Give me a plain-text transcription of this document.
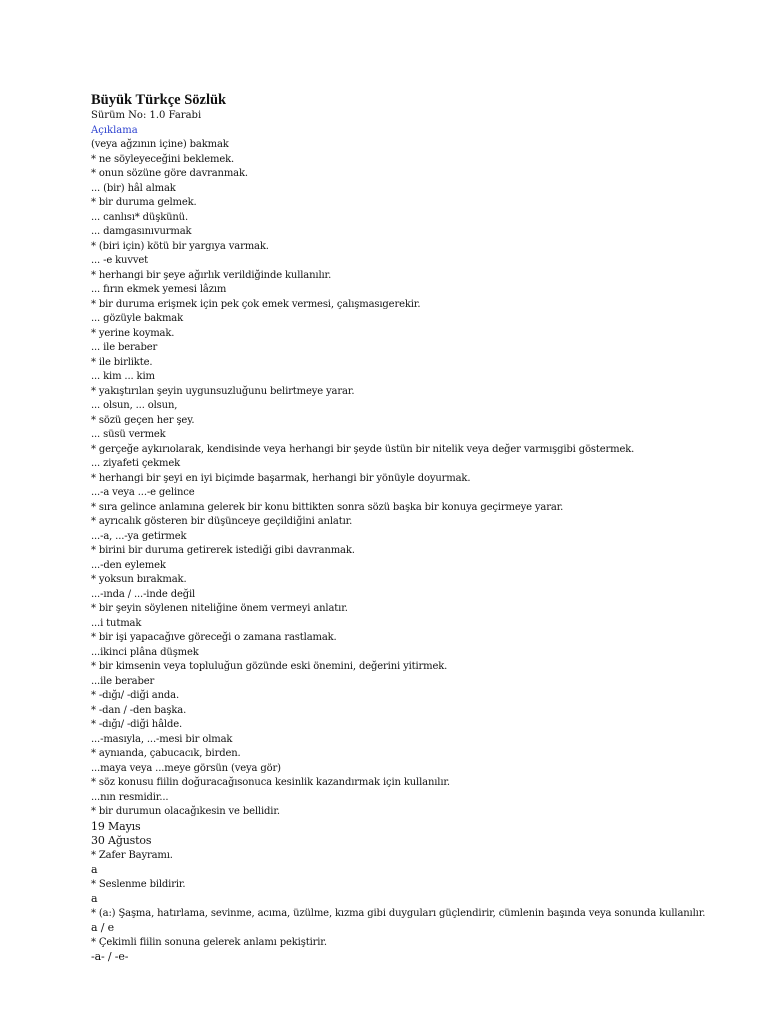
Büyük Türkçe Sözlük
Sürüm No: 1.0 Farabi
Açıklama
(veya ağzının içine) bakmak
* ne söyleyeceğini beklemek.
* onun sözüne göre davranmak.
... (bir) hâl almak
* bir duruma gelmek.
... canlısı* düşkünü.
... damgasınıvurmak
* (biri için) kötü bir yargıya varmak.
... -e kuvvet
* herhangi bir şeye ağırlık verildiğinde kullanılır.
... fırın ekmek yemesi lâzım
* bir duruma erişmek için pek çok emek vermesi, çalışmasıgerekir.
... gözüyle bakmak
* yerine koymak.
... ile beraber
* ile birlikte.
... kim ... kim
* yakıştırılan şeyin uygunsuzluğunu belirtmeye yarar.
... olsun, ... olsun,
* sözü geçen her şey.
... süsü vermek
* gerçeğe aykırıolarak, kendisinde veya herhangi bir şeyde üstün bir nitelik veya değer varmışgibi göstermek.
... ziyafeti çekmek
* herhangi bir şeyi en iyi biçimde başarmak, herhangi bir yönüyle doyurmak.
...-a veya ...-e gelince
* sıra gelince anlamına gelerek bir konu bittikten sonra sözü başka bir konuya geçirmeye yarar.
* ayrıcalık gösteren bir düşünceye geçildiğini anlatır.
...-a, ...-ya getirmek
* birini bir duruma getirerek istediği gibi davranmak.
...-den eylemek
* yoksun bırakmak.
...-ında / ...-inde değil
* bir şeyin söylenen niteliğine önem vermeyi anlatır.
...i tutmak
* bir işi yapacağıve göreceği o zamana rastlamak.
...ikinci plâna düşmek
* bir kimsenin veya topluluğun gözünde eski önemini, değerini yitirmek.
...ile beraber
* -dığı/ -diği anda.
* -dan / -den başka.
* -dığı/ -diği hâlde.
...-masıyla, ...-mesi bir olmak
* aynıanda, çabucacık, birden.
...maya veya ...meye görsün (veya gör)
* söz konusu fiilin doğuracağısonuca kesinlik kazandırmak için kullanılır.
...nın resmidir...
* bir durumun olacağıkesin ve bellidir.
19 Mayıs
30 Ağustos
* Zafer Bayramı.
a
* Seslenme bildirir.
a
* (a:) Şaşma, hatırlama, sevinme, acıma, üzülme, kızma gibi duyguları güçlendirir, cümlenin başında veya sonunda kullanılır.
a / e
* Çekimli fiilin sonuna gelerek anlamı pekiştirir.
-a- / -e-
